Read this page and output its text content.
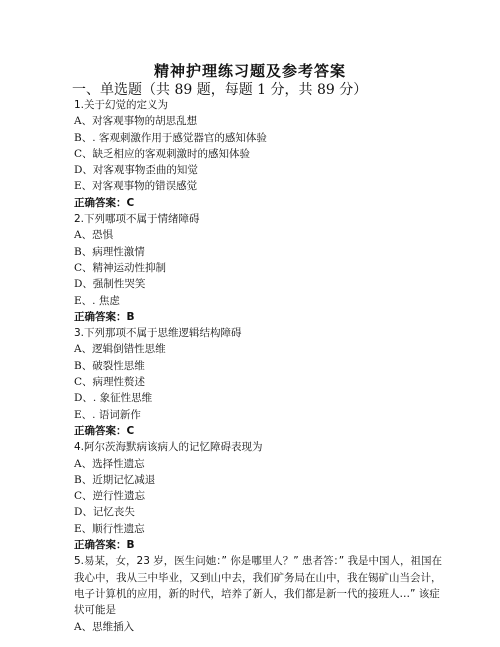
精神护理练习题及参考答案
一、单选题（共 89 题，每题 1 分，共 89 分）
1.关于幻觉的定义为
A、对客观事物的胡思乱想
B、. 客观刺激作用于感觉器官的感知体验
C、缺乏相应的客观刺激时的感知体验
D、对客观事物歪曲的知觉
E、对客观事物的错误感觉
正确答案：C
2.下列哪项不属于情绪障碍
A、恐惧
B、病理性激情
C、精神运动性抑制
D、强制性哭笑
E、. 焦虑
正确答案：B
3.下列那项不属于思维逻辑结构障碍
A、逻辑倒错性思维
B、破裂性思维
C、病理性赘述
D、. 象征性思维
E、. 语词新作
正确答案：C
4.阿尔茨海默病该病人的记忆障碍表现为
A、选择性遗忘
B、近期记忆减退
C、逆行性遗忘
D、记忆丧失
E、顺行性遗忘
正确答案：B
5.易某，女，23 岁，医生问她：” 你是哪里人？” 患者答：” 我是中国人，祖国在我心中，我从三中毕业，又到山中去，我们矿务局在山中，我在锡矿山当会计，电子计算机的应用，新的时代，培养了新人，我们都是新一代的接班人…” 该症状可能是
A、思维插入
